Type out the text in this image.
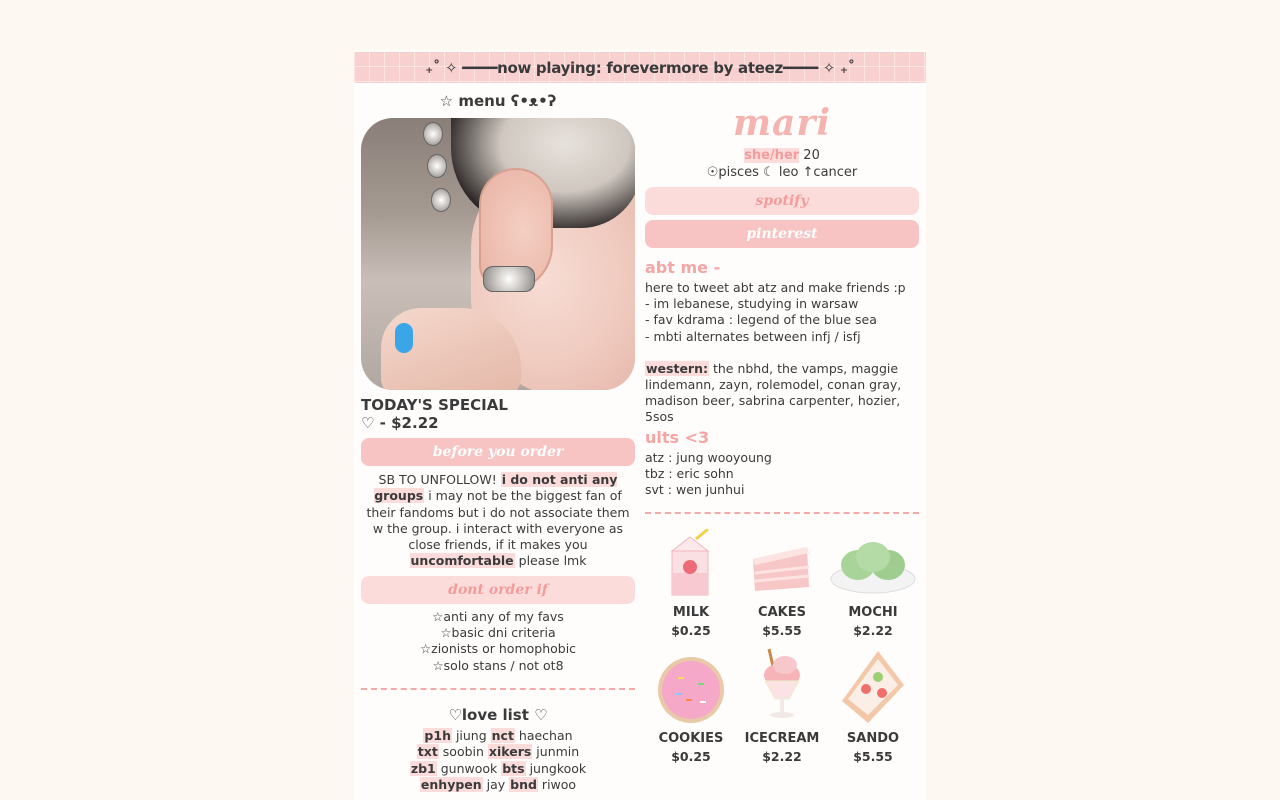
₊˚ ✧ ━━━━now playing: forevermore by ateez━━━━ ✧ ₊˚
☆ menu ʕ•ᴥ•ʔ
TODAY'S SPECIAL
♡ - $2.22
before you order
SB TO UNFOLLOW! i do not anti any groups i may not be the biggest fan of their fandoms but i do not associate them w the group. i interact with everyone as close friends, if it makes you uncomfortable please lmk
dont order if
☆anti any of my favs
☆basic dni criteria
☆zionists or homophobic
☆solo stans / not ot8
♡love list ♡
p1h jiung nct haechan
txt soobin xikers junmin
zb1 gunwook bts jungkook
enhypen jay bnd riwoo
mari
she/her 20
☉pisces ☾ leo ↑cancer
spotify
pinterest
abt me -
here to tweet abt atz and make friends :p
- im lebanese, studying in warsaw
- fav kdrama : legend of the blue sea
- mbti alternates between infj / isfj
western: the nbhd, the vamps, maggie lindemann, zayn, rolemodel, conan gray, madison beer, sabrina carpenter, hozier, 5sos
ults <3
atz : jung wooyoung
tbz : eric sohn
svt : wen junhui
MILK
$0.25
CAKES
$5.55
MOCHI
$2.22
COOKIES
$0.25
ICECREAM
$2.22
SANDO
$5.55
